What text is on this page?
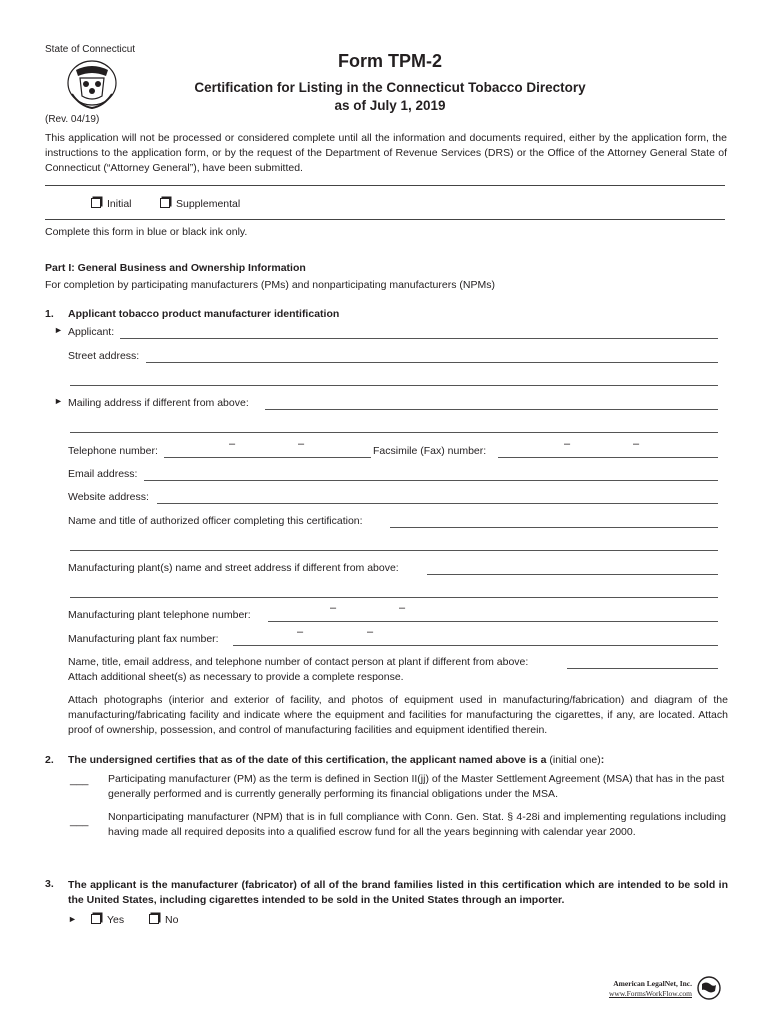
State of Connecticut
(Rev. 04/19)
Form TPM-2
Certification for Listing in the Connecticut Tobacco Directory
as of July 1, 2019
This application will not be processed or considered complete until all the information and documents required, either by the application form, the instructions to the application form, or by the request of the Department of Revenue Services (DRS) or the Office of the Attorney General State of Connecticut (“Attorney General”), have been submitted.
Initial	Supplemental
Complete this form in blue or black ink only.
Part I: General Business and Ownership Information
For completion by participating manufacturers (PMs) and nonparticipating manufacturers (NPMs)
1. Applicant tobacco product manufacturer identification
► Applicant:
Street address:
► Mailing address if different from above:
Telephone number:
–	–
Facsimile (Fax) number:
–	–
Email address:
Website address:
Name and title of authorized officer completing this certification:
Manufacturing plant(s) name and street address if different from above:
Manufacturing plant telephone number:
–	–
Manufacturing plant fax number:
–	–
Name, title, email address, and telephone number of contact person at plant if different from above:
Attach additional sheet(s) as necessary to provide a complete response.
Attach photographs (interior and exterior of facility, and photos of equipment used in manufacturing/fabrication) and diagram of the manufacturing/fabricating facility and indicate where the equipment and facilities for manufacturing the cigarettes, if any, are located. Attach proof of ownership, possession, and control of manufacturing facilities and equipment identified therein.
2. The undersigned certifies that as of the date of this certification, the applicant named above is a (initial one):
___ Participating manufacturer (PM) as the term is defined in Section II(jj) of the Master Settlement Agreement (MSA) that has in the past generally performed and is currently generally performing its financial obligations under the MSA.
___ Nonparticipating manufacturer (NPM) that is in full compliance with Conn. Gen. Stat. § 4-28i and implementing regulations including having made all required deposits into a qualified escrow fund for all the years beginning with calendar year 2000.
3. The applicant is the manufacturer (fabricator) of all of the brand families listed in this certification which are intended to be sold in the United States, including cigarettes intended to be sold in the United States through an importer.
►	Yes	No
American LegalNet, Inc.
www.FormsWorkFlow.com
